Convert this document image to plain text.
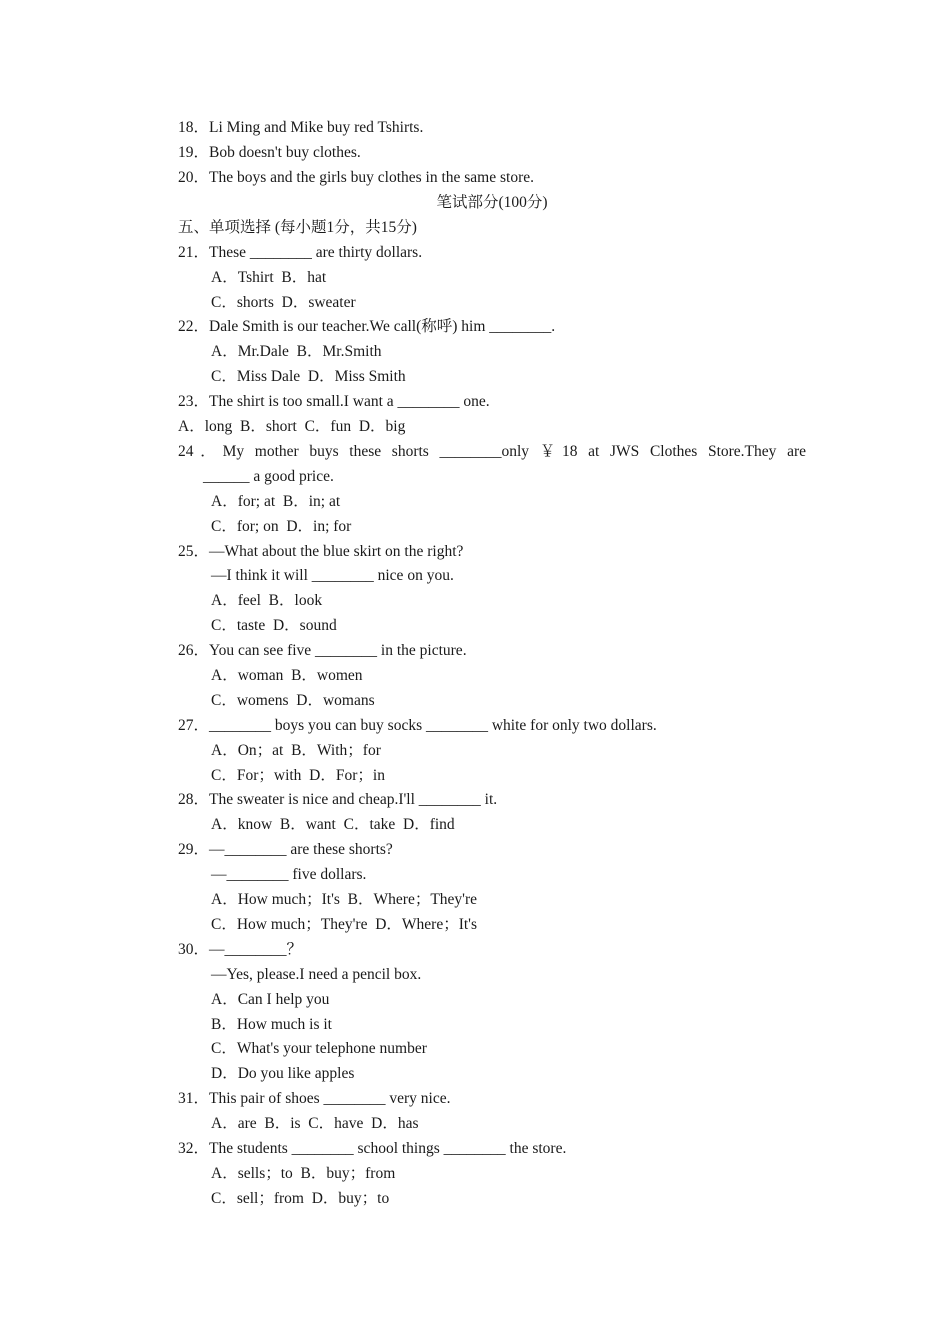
18．Li Ming and Mike buy red Tshirts.
19．Bob doesn't buy clothes.
20．The boys and the girls buy clothes in the same store.
笔试部分(100分)
五、单项选择 (每小题1分，共15分)
21．These ________ are thirty dollars.
A．Tshirt  B．hat
C．shorts  D．sweater
22．Dale Smith is our teacher.We call(称呼) him ________.
A．Mr.Dale  B．Mr.Smith
C．Miss Dale  D．Miss Smith
23．The shirt is too small.I want a ________ one.
A．long  B．short  C．fun  D．big
24．My mother buys these shorts ________only ￥18 at JWS Clothes Store.They are
______ a good price.
A．for; at  B．in; at
C．for; on  D．in; for
25．—What about the blue skirt on the right?
—I think it will ________ nice on you.
A．feel  B．look
C．taste  D．sound
26．You can see five ________ in the picture.
A．woman  B．women
C．womens  D．womans
27．________ boys you can buy socks ________ white for only two dollars.
A．On；at  B．With；for
C．For；with  D．For；in
28．The sweater is nice and cheap.I'll ________ it.
A．know  B．want  C．take  D．find
29．—________ are these shorts?
—________ five dollars.
A．How much；It's  B．Where；They're
C．How much；They're  D．Where；It's
30．—________？
—Yes, please.I need a pencil box.
A．Can I help you
B．How much is it
C．What's your telephone number
D．Do you like apples
31．This pair of shoes ________ very nice.
A．are  B．is  C．have  D．has
32．The students ________ school things ________ the store.
A．sells；to  B．buy；from
C．sell；from  D．buy；to
